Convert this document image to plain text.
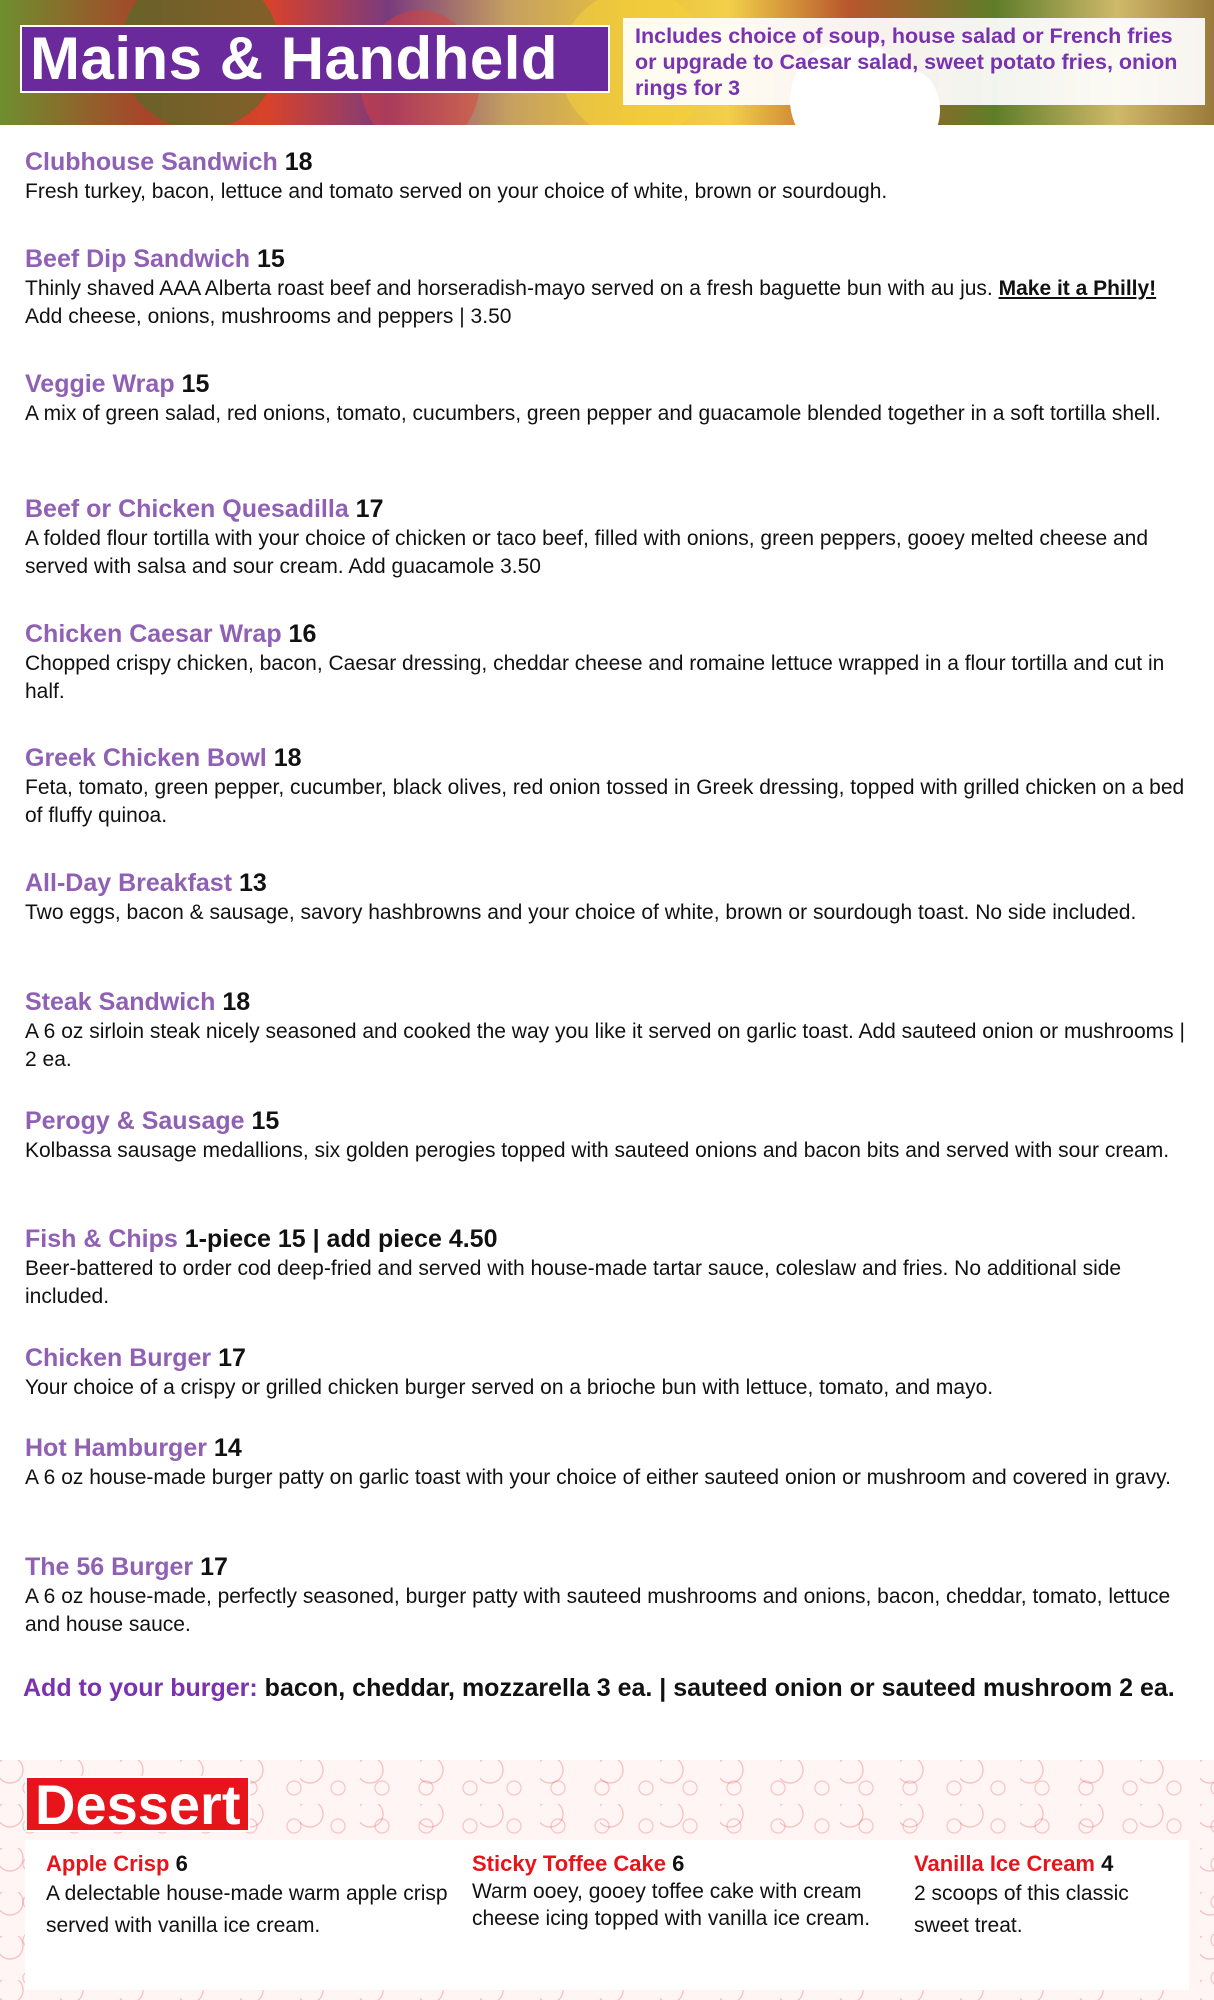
Mains & Handheld	Includes choice of soup, house salad or French fries or upgrade to Caesar salad, sweet potato fries, onion rings for 3
Clubhouse Sandwich 18
Fresh turkey, bacon, lettuce and tomato served on your choice of white, brown or sourdough.
Beef Dip Sandwich 15
Thinly shaved AAA Alberta roast beef and horseradish-mayo served on a fresh baguette bun with au jus. Make it a Philly! Add cheese, onions, mushrooms and peppers | 3.50
Veggie Wrap 15
A mix of green salad, red onions, tomato, cucumbers, green pepper and guacamole blended together in a soft tortilla shell.
Beef or Chicken Quesadilla 17
A folded flour tortilla with your choice of chicken or taco beef, filled with onions, green peppers, gooey melted cheese and served with salsa and sour cream. Add guacamole 3.50
Chicken Caesar Wrap 16
Chopped crispy chicken, bacon, Caesar dressing, cheddar cheese and romaine lettuce wrapped in a flour tortilla and cut in half.
Greek Chicken Bowl 18
Feta, tomato, green pepper, cucumber, black olives, red onion tossed in Greek dressing, topped with grilled chicken on a bed of fluffy quinoa.
All-Day Breakfast 13
Two eggs, bacon & sausage, savory hashbrowns and your choice of white, brown or sourdough toast. No side included.
Steak Sandwich 18
A 6 oz sirloin steak nicely seasoned and cooked the way you like it served on garlic toast. Add sauteed onion or mushrooms | 2 ea.
Perogy & Sausage 15
Kolbassa sausage medallions, six golden perogies topped with sauteed onions and bacon bits and served with sour cream.
Fish & Chips 1-piece 15 | add piece 4.50
Beer-battered to order cod deep-fried and served with house-made tartar sauce, coleslaw and fries. No additional side included.
Chicken Burger 17
Your choice of a crispy or grilled chicken burger served on a brioche bun with lettuce, tomato, and mayo.
Hot Hamburger 14
A 6 oz house-made burger patty on garlic toast with your choice of either sauteed onion or mushroom and covered in gravy.
The 56 Burger 17
A 6 oz house-made, perfectly seasoned, burger patty with sauteed mushrooms and onions, bacon, cheddar, tomato, lettuce and house sauce.
Add to your burger: bacon, cheddar, mozzarella 3 ea. | sauteed onion or sauteed mushroom 2 ea.
Dessert
Apple Crisp 6
A delectable house-made warm apple crisp served with vanilla ice cream.
Sticky Toffee Cake 6
Warm ooey, gooey toffee cake with cream cheese icing topped with vanilla ice cream.
Vanilla Ice Cream 4
2 scoops of this classic sweet treat.
